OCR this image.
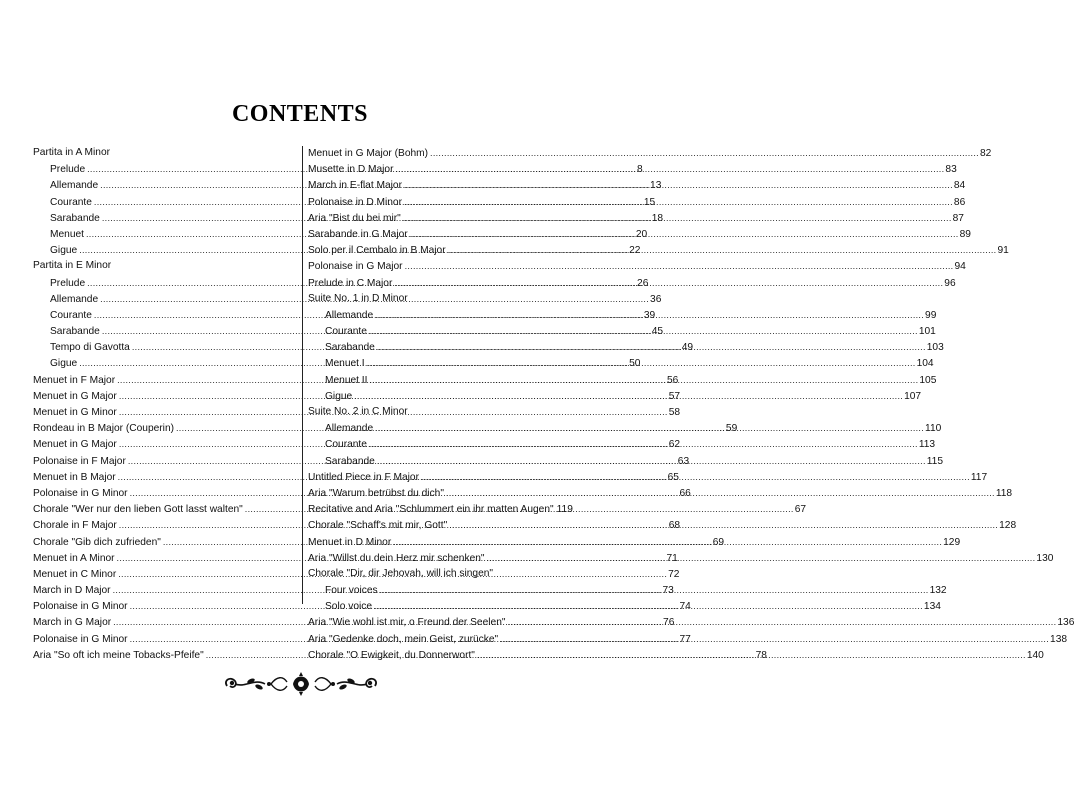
CONTENTS
Partita in A Minor
Prelude .....	8
Allemande .....	13
Courante .....	15
Sarabande .....	18
Menuet .....	20
Gigue .....	22
Partita in E Minor
Prelude .....	26
Allemande .....	36
Courante .....	39
Sarabande .....	45
Tempo di Gavotta .....	49
Gigue .....	50
Menuet in F Major .....	56
Menuet in G Major .....	57
Menuet in G Minor .....	58
Rondeau in B Major (Couperin) .....	59
Menuet in G Major .....	62
Polonaise in F Major .....	63
Menuet in B Major .....	65
Polonaise in G Minor .....	66
Chorale "Wer nur den lieben Gott lasst walten" .....	67
Chorale in F Major .....	68
Chorale "Gib dich zufrieden" .....	69
Menuet in A Minor .....	71
Menuet in C Minor .....	72
March in D Major .....	73
Polonaise in G Minor .....	74
March in G Major .....	76
Polonaise in G Minor .....	77
Aria "So oft ich meine Tobacks-Pfeife" .....	78
Menuet in G Major (Bohm) .....	82
Musette in D Major .....	83
March in E-flat Major .....	84
Polonaise in D Minor .....	86
Aria "Bist du bei mir" .....	87
Sarabande in G Major .....	89
Solo per il Cembalo in B Major .....	91
Polonaise in G Major .....	94
Prelude in C Major .....	96
Suite No. 1 in D Minor
Allemande .....	99
Courante .....	101
Sarabande .....	103
Menuet I .....	104
Menuet II .....	105
Gigue .....	107
Suite No. 2 in C Minor
Allemande .....	110
Courante .....	113
Sarabande .....	115
Untitled Piece in F Major .....	117
Aria "Warum betrübst du dich" .....	118
Recitative and Aria "Schlummert ein ihr matten Augen" 119
Chorale "Schaff's mit mir, Gott" .....	128
Menuet in D Minor .....	129
Aria "Willst du dein Herz mir schenken" .....	130
Chorale "Dir, dir Jehovah, will ich singen"
Four voices .....	132
Solo voice .....	134
Aria "Wie wohl ist mir, o Freund der Seelen" .....	136
Aria "Gedenke doch, mein Geist, zurücke" .....	138
Chorale "O Ewigkeit, du Donnerwort" .....	140
